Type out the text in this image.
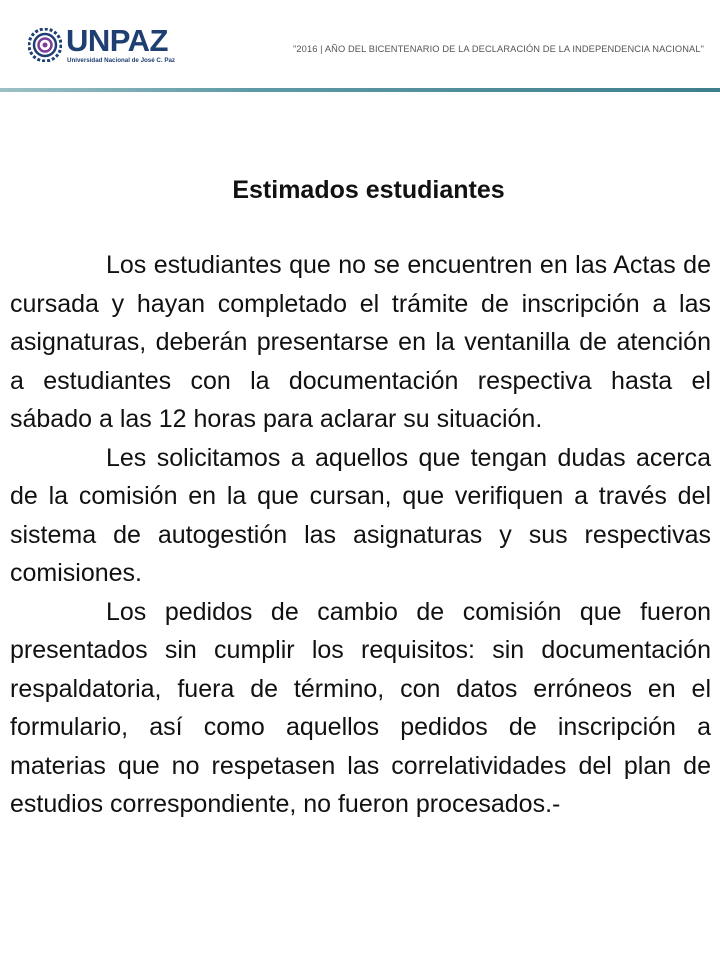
UNPAZ
Universidad Nacional de José C. Paz
"2016 | AÑO DEL BICENTENARIO DE LA DECLARACIÓN DE LA INDEPENDENCIA NACIONAL"
Estimados estudiantes

Los estudiantes que no se encuentren en las Actas de cursada y hayan completado el trámite de inscripción a las asignaturas, deberán presentarse en la ventanilla de atención a estudiantes con la documentación respectiva hasta el sábado a las 12 horas para aclarar su situación.

Les solicitamos a aquellos que tengan dudas acerca de la comisión en la que cursan, que verifiquen a través del sistema de autogestión las asignaturas y sus respectivas comisiones.

Los pedidos de cambio de comisión que fueron presentados sin cumplir los requisitos: sin documentación respaldatoria, fuera de término, con datos erróneos en el formulario, así como aquellos pedidos de inscripción a materias que no respetasen las correlatividades del plan de estudios correspondiente, no fueron procesados.-
